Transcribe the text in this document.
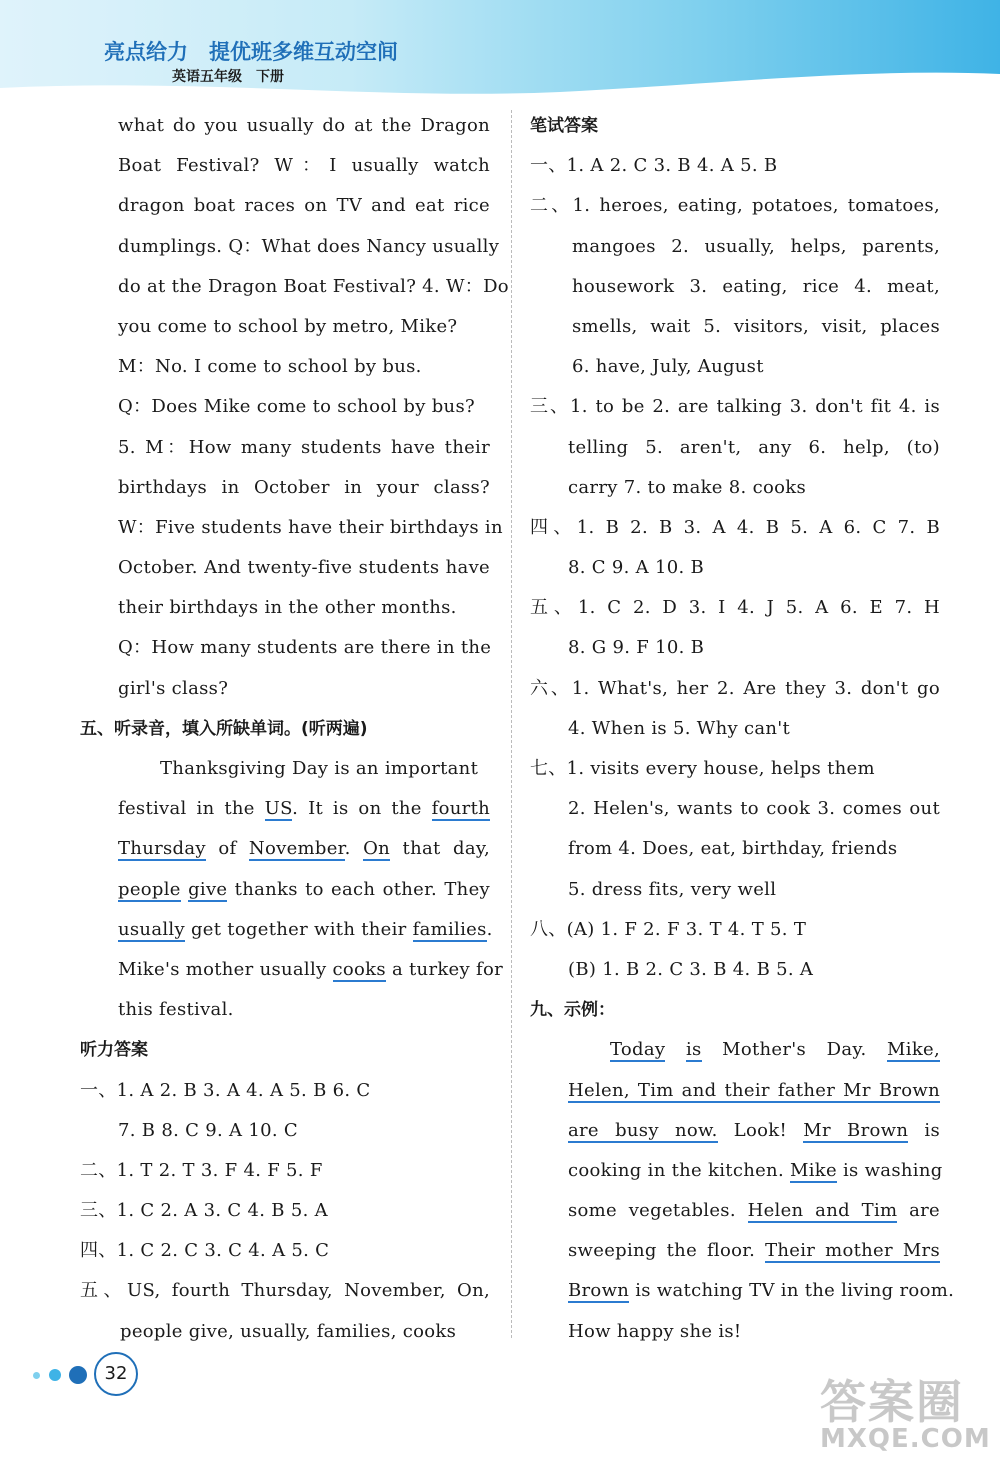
亮点给力　提优班多维互动空间
英语五年级　下册
what do you usually do at the Dragon
Boat Festival? W：I usually watch
dragon boat races on TV and eat rice
dumplings. Q：What does Nancy usually
do at the Dragon Boat Festival? 4. W：Do
you come to school by metro, Mike?
M：No. I come to school by bus.
Q：Does Mike come to school by bus?
5. M：How many students have their
birthdays in October in your class?
W：Five students have their birthdays in
October. And twenty-five students have
their birthdays in the other months.
Q：How many students are there in the
girl's class?
五、听录音，填入所缺单词。(听两遍)
Thanksgiving Day is an important
festival in the US. It is on the fourth
Thursday of November. On that day,
people give thanks to each other. They
usually get together with their families.
Mike's mother usually cooks a turkey for
this festival.
听力答案
一、1. A 2. B 3. A 4. A 5. B 6. C
7. B 8. C 9. A 10. C
二、1. T 2. T 3. F 4. F 5. F
三、1. C 2. A 3. C 4. B 5. A
四、1. C 2. C 3. C 4. A 5. C
五、US, fourth Thursday, November, On,
people give, usually, families, cooks
笔试答案
一、1. A 2. C 3. B 4. A 5. B
二、1. heroes, eating, potatoes, tomatoes,
mangoes 2. usually, helps, parents,
housework 3. eating, rice 4. meat,
smells, wait 5. visitors, visit, places
6. have, July, August
三、1. to be 2. are talking 3. don't fit 4. is
telling 5. aren't, any 6. help, (to)
carry 7. to make 8. cooks
四、1. B 2. B 3. A 4. B 5. A 6. C 7. B
8. C 9. A 10. B
五、1. C 2. D 3. I 4. J 5. A 6. E 7. H
8. G 9. F 10. B
六、1. What's, her 2. Are they 3. don't go
4. When is 5. Why can't
七、1. visits every house, helps them
2. Helen's, wants to cook 3. comes out
from 4. Does, eat, birthday, friends
5. dress fits, very well
八、(A) 1. F 2. F 3. T 4. T 5. T
(B) 1. B 2. C 3. B 4. B 5. A
九、示例：
Today is Mother's Day. Mike,
Helen, Tim and their father Mr Brown
are busy now. Look! Mr Brown is
cooking in the kitchen. Mike is washing
some vegetables. Helen and Tim are
sweeping the floor. Their mother Mrs
Brown is watching TV in the living room.
How happy she is!
32
答案圈
MXQE.COM
